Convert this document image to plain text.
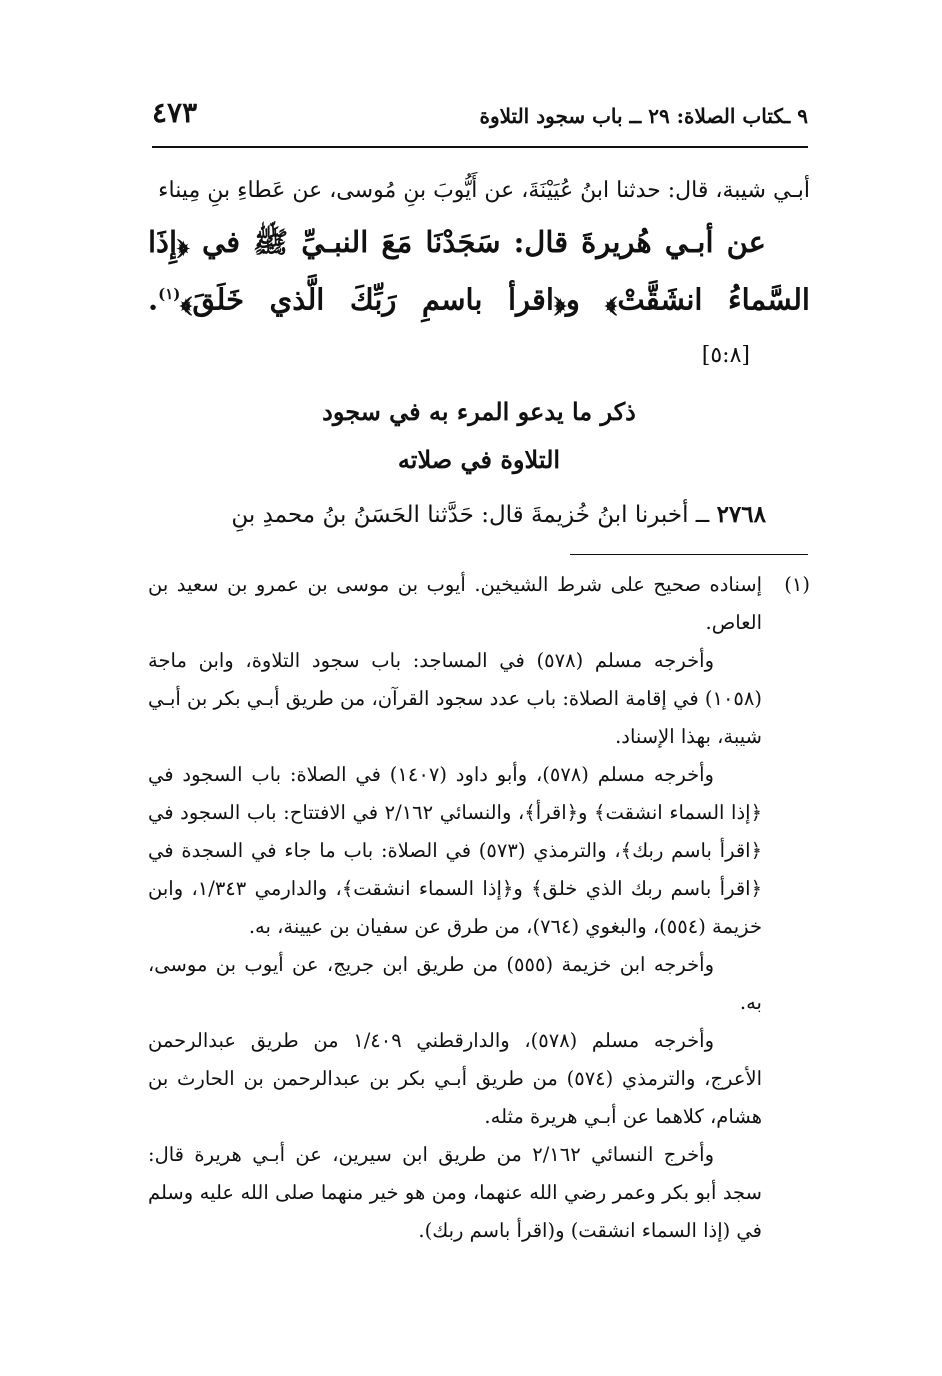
٩ ـكتاب الصلاة: ٢٩ ــ باب سجود التلاوة
٤٧٣

أبـي شيبة، قال: حدثنا ابنُ عُيَيْنَةَ، عن أَيُّوبَ بنِ مُوسى، عن عَطاءِ بنِ مِيناء

عن أبـي هُريرةَ قال: سَجَدْنَا مَعَ النبـيِّ ﷺ في ﴿إِذَا السَّماءُ انشَقَّتْ﴾ و﴿اقرأ باسمِ رَبِّكَ الَّذي خَلَقَ﴾$^{(١)}$.[٥:٨]

ذكر ما يدعو المرء به في سجود
التلاوة في صلاته

٢٧٦٨ ــ أخبرنا ابنُ خُزيمةَ قال: حَدَّثنا الحَسَنُ بنُ محمدِ بنِ

(١)
إسناده صحيح على شرط الشيخين. أيوب بن موسى بن عمرو بن سعيد بن العاص.

وأخرجه مسلم (٥٧٨) في المساجد: باب سجود التلاوة، وابن ماجة (١٠٥٨) في إقامة الصلاة: باب عدد سجود القرآن، من طريق أبـي بكر بن أبـي شيبة، بهذا الإسناد.

وأخرجه مسلم (٥٧٨)، وأبو داود (١٤٠٧) في الصلاة: باب السجود في ﴿إذا السماء انشقت﴾ و﴿اقرأ﴾، والنسائي ٢/١٦٢ في الافتتاح: باب السجود في ﴿اقرأ باسم ربك﴾، والترمذي (٥٧٣) في الصلاة: باب ما جاء في السجدة في ﴿اقرأ باسم ربك الذي خلق﴾ و﴿إذا السماء انشقت﴾، والدارمي ١/٣٤٣، وابن خزيمة (٥٥٤)، والبغوي (٧٦٤)، من طرق عن سفيان بن عيينة، به.

وأخرجه ابن خزيمة (٥٥٥) من طريق ابن جريج، عن أيوب بن موسى، به.

وأخرجه مسلم (٥٧٨)، والدارقطني ١/٤٠٩ من طريق عبدالرحمن الأعرج، والترمذي (٥٧٤) من طريق أبـي بكر بن عبدالرحمن بن الحارث بن هشام، كلاهما عن أبـي هريرة مثله.

وأخرج النسائي ٢/١٦٢ من طريق ابن سيرين، عن أبـي هريرة قال: سجد أبو بكر وعمر رضي الله عنهما، ومن هو خير منهما صلى الله عليه وسلم في (إذا السماء انشقت) و(اقرأ باسم ربك).
